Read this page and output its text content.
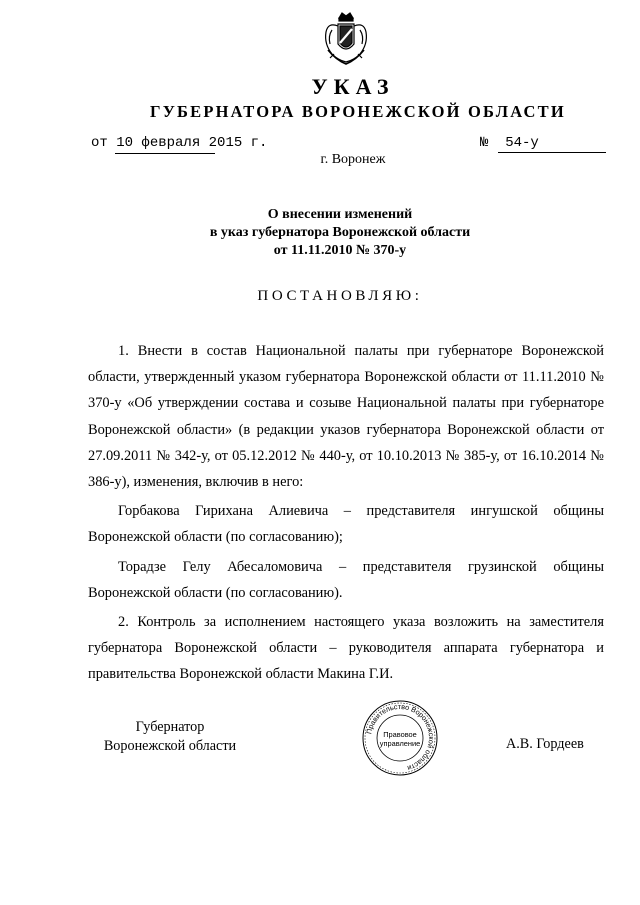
УКАЗ
ГУБЕРНАТОРА ВОРОНЕЖСКОЙ ОБЛАСТИ
от 10 февраля 2015 г.	№ 54-у
г. Воронеж
О внесении изменений
в указ губернатора Воронежской области
от 11.11.2010 № 370-у
ПОСТАНОВЛЯЮ:

1. Внести в состав Национальной палаты при губернаторе Воронежской области, утвержденный указом губернатора Воронежской области от 11.11.2010 № 370-у «Об утверждении состава и созыве Национальной палаты при губернаторе Воронежской области» (в редакции указов губернатора Воронежской области от 27.09.2011 № 342-у, от 05.12.2012 № 440-у, от 10.10.2013 № 385-у, от 16.10.2014 № 386-у), изменения, включив в него:

Горбакова Гирихана Алиевича – представителя ингушской общины Воронежской области (по согласованию);

Торадзе Гелу Абесаломовича – представителя грузинской общины Воронежской области (по согласованию).

2. Контроль за исполнением настоящего указа возложить на заместителя губернатора Воронежской области – руководителя аппарата губернатора и правительства Воронежской области Макина Г.И.

Губернатор
Воронежской области
Правительство Воронежской области
Правовое
управление	А.В. Гордеев
